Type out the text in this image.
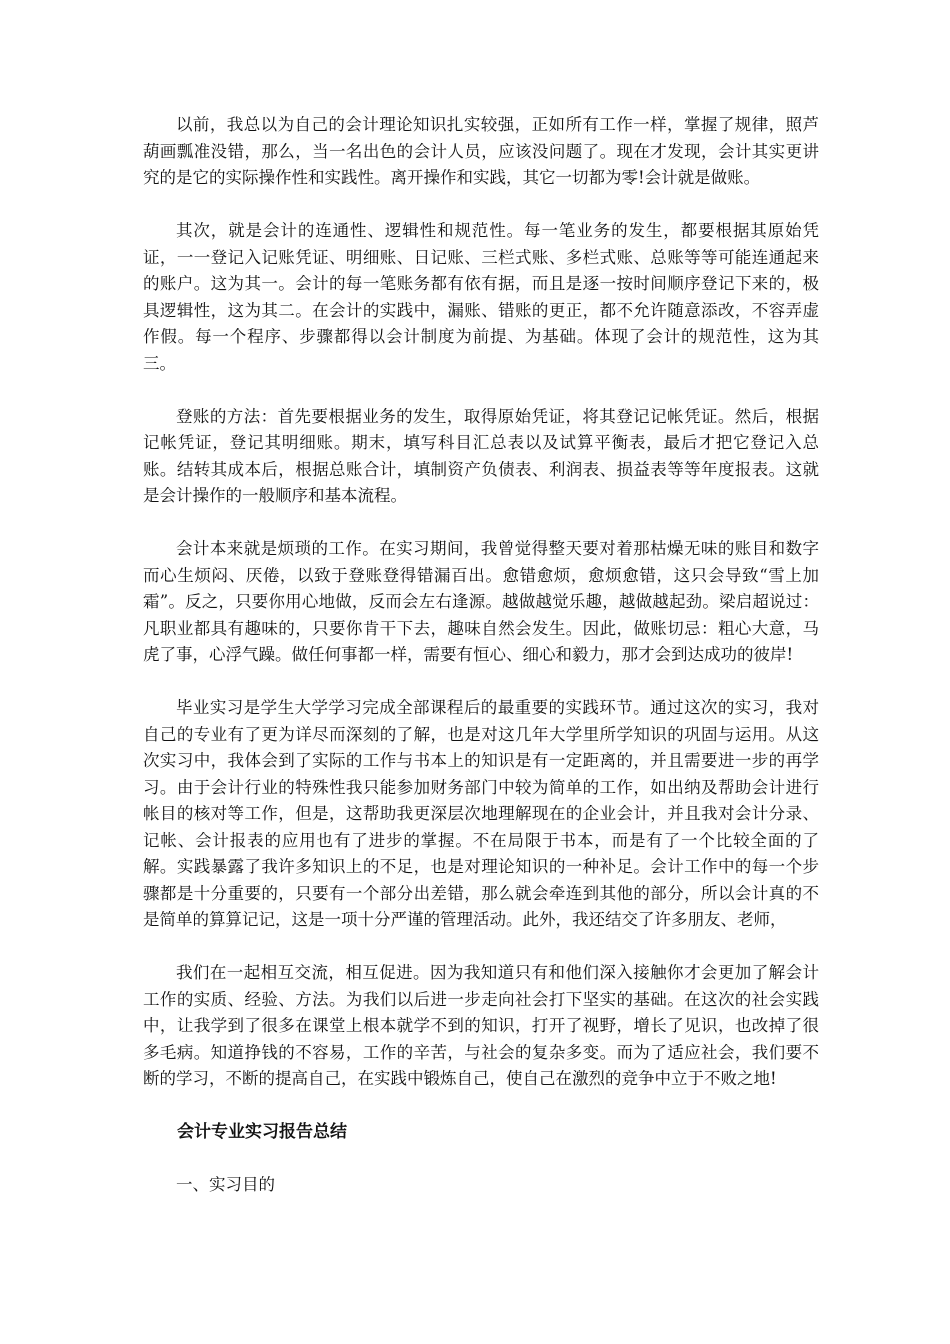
以前，我总以为自己的会计理论知识扎实较强，正如所有工作一样，掌握了规律，照芦葫画瓢准没错，那么，当一名出色的会计人员，应该没问题了。现在才发现，会计其实更讲究的是它的实际操作性和实践性。离开操作和实践，其它一切都为零!会计就是做账。

其次，就是会计的连通性、逻辑性和规范性。每一笔业务的发生，都要根据其原始凭证，一一登记入记账凭证、明细账、日记账、三栏式账、多栏式账、总账等等可能连通起来的账户。这为其一。会计的每一笔账务都有依有据，而且是逐一按时间顺序登记下来的，极具逻辑性，这为其二。在会计的实践中，漏账、错账的更正，都不允许随意添改，不容弄虚作假。每一个程序、步骤都得以会计制度为前提、为基础。体现了会计的规范性，这为其三。

登账的方法：首先要根据业务的发生，取得原始凭证，将其登记记帐凭证。然后，根据记帐凭证，登记其明细账。期末，填写科目汇总表以及试算平衡表，最后才把它登记入总账。结转其成本后，根据总账合计，填制资产负债表、利润表、损益表等等年度报表。这就是会计操作的一般顺序和基本流程。

会计本来就是烦琐的工作。在实习期间，我曾觉得整天要对着那枯燥无味的账目和数字而心生烦闷、厌倦，以致于登账登得错漏百出。愈错愈烦，愈烦愈错，这只会导致“雪上加霜”。反之，只要你用心地做，反而会左右逢源。越做越觉乐趣，越做越起劲。梁启超说过：凡职业都具有趣味的，只要你肯干下去，趣味自然会发生。因此，做账切忌：粗心大意，马虎了事，心浮气躁。做任何事都一样，需要有恒心、细心和毅力，那才会到达成功的彼岸!

毕业实习是学生大学学习完成全部课程后的最重要的实践环节。通过这次的实习，我对自己的专业有了更为详尽而深刻的了解，也是对这几年大学里所学知识的巩固与运用。从这次实习中，我体会到了实际的工作与书本上的知识是有一定距离的，并且需要进一步的再学习。由于会计行业的特殊性我只能参加财务部门中较为简单的工作，如出纳及帮助会计进行帐目的核对等工作，但是，这帮助我更深层次地理解现在的企业会计，并且我对会计分录、记帐、会计报表的应用也有了进步的掌握。不在局限于书本，而是有了一个比较全面的了解。实践暴露了我许多知识上的不足，也是对理论知识的一种补足。会计工作中的每一个步骤都是十分重要的，只要有一个部分出差错，那么就会牵连到其他的部分，所以会计真的不是简单的算算记记，这是一项十分严谨的管理活动。此外，我还结交了许多朋友、老师，

我们在一起相互交流，相互促进。因为我知道只有和他们深入接触你才会更加了解会计工作的实质、经验、方法。为我们以后进一步走向社会打下坚实的基础。在这次的社会实践中，让我学到了很多在课堂上根本就学不到的知识，打开了视野，增长了见识，也改掉了很多毛病。知道挣钱的不容易，工作的辛苦，与社会的复杂多变。而为了适应社会，我们要不断的学习，不断的提高自己，在实践中锻炼自己，使自己在激烈的竞争中立于不败之地!

会计专业实习报告总结

一、实习目的
